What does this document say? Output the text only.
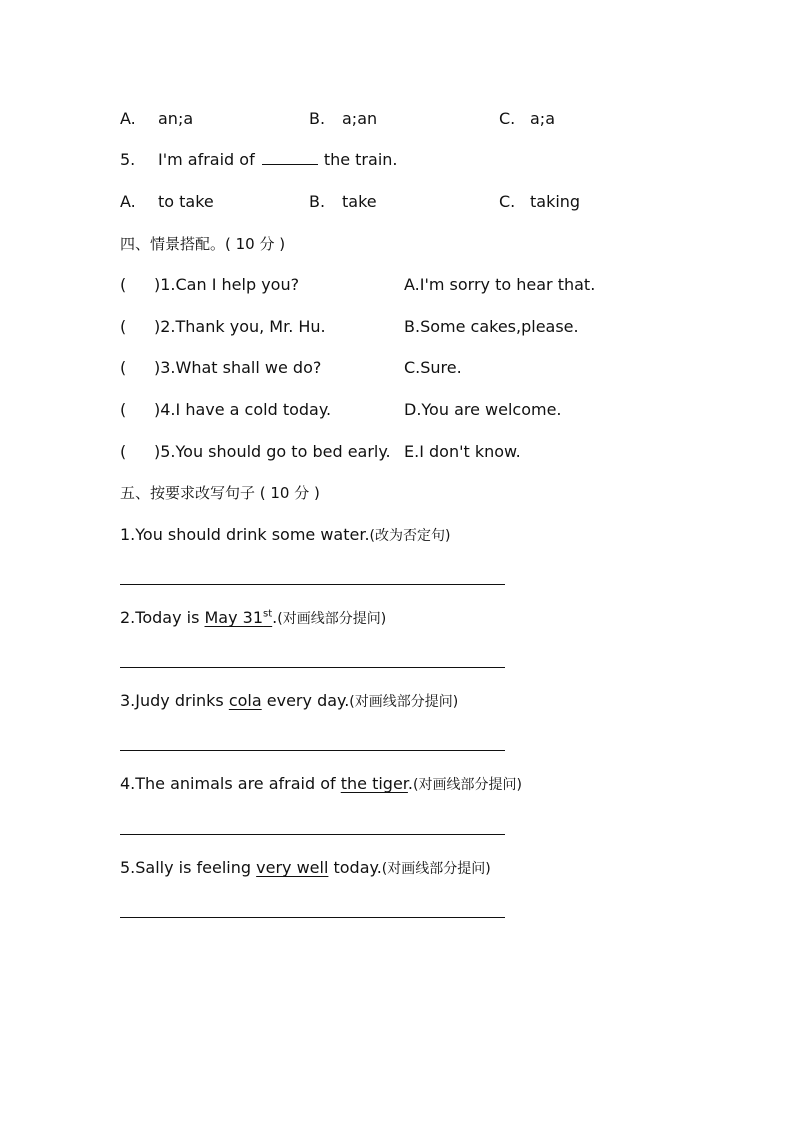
A. an;a	B. a;an	C. a;a
5. I'm afraid of	the train.
A. to take	B. take	C. taking
四、情景搭配。( 10 分 )
( )1.Can I help you?	A.I'm sorry to hear that.
( )2.Thank you, Mr. Hu.	B.Some cakes,please.
( )3.What shall we do?	C.Sure.
( )4.I have a cold today.	D.You are welcome.
( )5.You should go to bed early. E.I don't know.
五、按要求改写句子 ( 10 分 )
1.You should drink some water.(改为否定句)
2.Today is May 31st.(对画线部分提问)
3.Judy drinks cola every day.(对画线部分提问)
4.The animals are afraid of the tiger.(对画线部分提问)
5.Sally is feeling very well today.(对画线部分提问)
